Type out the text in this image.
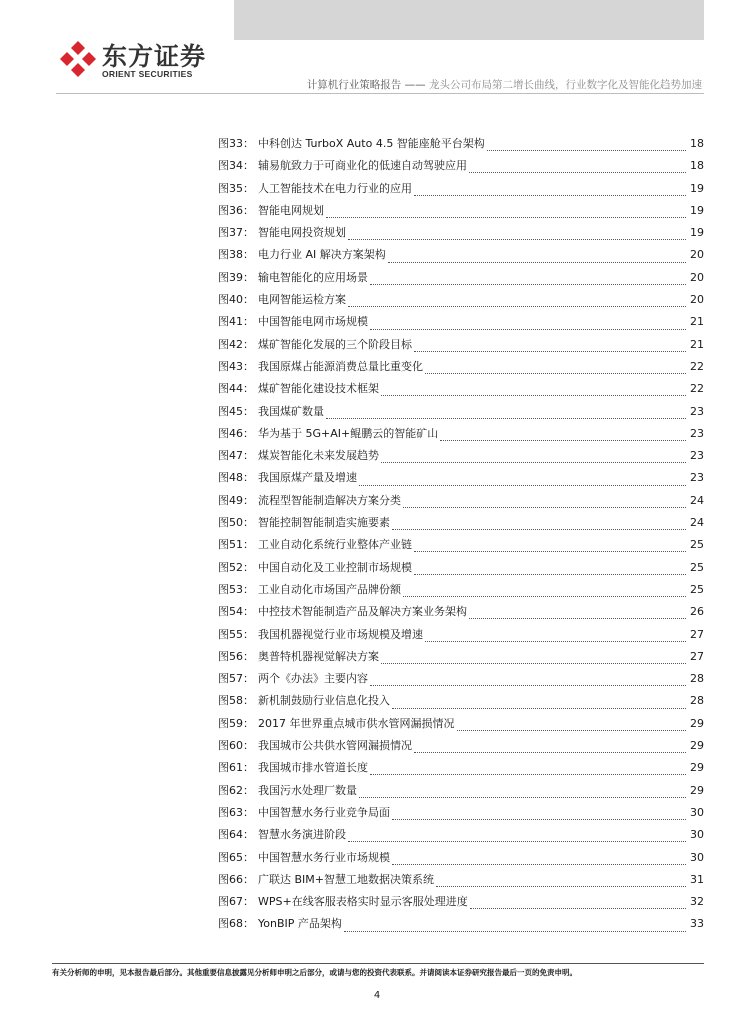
东方证券
ORIENT SECURITIES
计算机行业策略报告 —— 龙头公司布局第二增长曲线，行业数字化及智能化趋势加速
图33： 中科创达 TurboX Auto 4.5 智能座舱平台架构	18
图34： 辅易航致力于可商业化的低速自动驾驶应用	18
图35： 人工智能技术在电力行业的应用	19
图36： 智能电网规划	19
图37： 智能电网投资规划	19
图38： 电力行业 AI 解决方案架构	20
图39： 输电智能化的应用场景	20
图40： 电网智能运检方案	20
图41： 中国智能电网市场规模	21
图42： 煤矿智能化发展的三个阶段目标	21
图43： 我国原煤占能源消费总量比重变化	22
图44： 煤矿智能化建设技术框架	22
图45： 我国煤矿数量	23
图46： 华为基于 5G+AI+鲲鹏云的智能矿山	23
图47： 煤炭智能化未来发展趋势	23
图48： 我国原煤产量及增速	23
图49： 流程型智能制造解决方案分类	24
图50： 智能控制智能制造实施要素	24
图51： 工业自动化系统行业整体产业链	25
图52： 中国自动化及工业控制市场规模	25
图53： 工业自动化市场国产品牌份额	25
图54： 中控技术智能制造产品及解决方案业务架构	26
图55： 我国机器视觉行业市场规模及增速	27
图56： 奥普特机器视觉解决方案	27
图57： 两个《办法》主要内容	28
图58： 新机制鼓励行业信息化投入	28
图59： 2017 年世界重点城市供水管网漏损情况	29
图60： 我国城市公共供水管网漏损情况	29
图61： 我国城市排水管道长度	29
图62： 我国污水处理厂数量	29
图63： 中国智慧水务行业竞争局面	30
图64： 智慧水务演进阶段	30
图65： 中国智慧水务行业市场规模	30
图66： 广联达 BIM+智慧工地数据决策系统	31
图67： WPS+在线客服表格实时显示客服处理进度	32
图68： YonBIP 产品架构	33
有关分析师的申明，见本报告最后部分。其他重要信息披露见分析师申明之后部分，或请与您的投资代表联系。并请阅读本证券研究报告最后一页的免责申明。
4
